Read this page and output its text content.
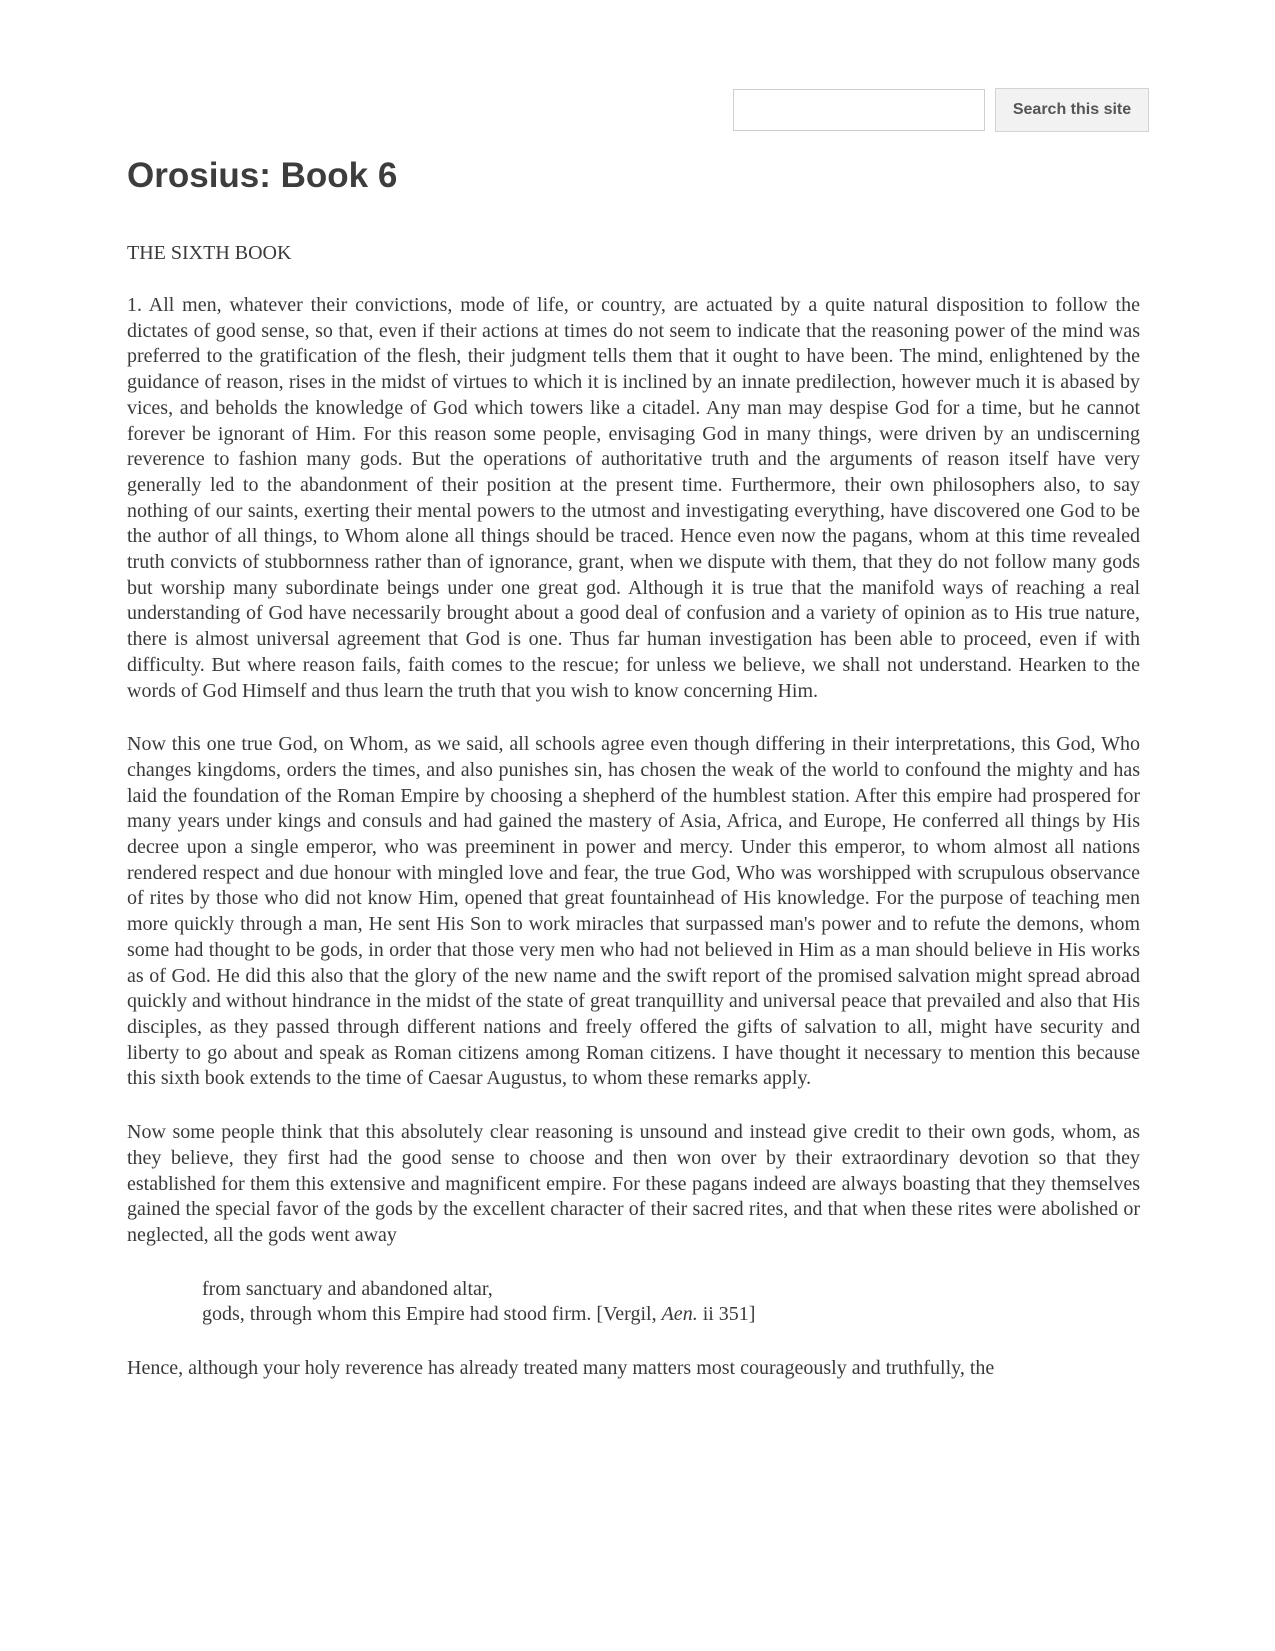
Search this site
Orosius: Book 6
THE SIXTH BOOK

1. All men, whatever their convictions, mode of life, or country, are actuated by a quite natural disposition to follow the dictates of good sense, so that, even if their actions at times do not seem to indicate that the reasoning power of the mind was preferred to the gratification of the flesh, their judgment tells them that it ought to have been. The mind, enlightened by the guidance of reason, rises in the midst of virtues to which it is inclined by an innate predilection, however much it is abased by vices, and beholds the knowledge of God which towers like a citadel. Any man may despise God for a time, but he cannot forever be ignorant of Him. For this reason some people, envisaging God in many things, were driven by an undiscerning reverence to fashion many gods. But the operations of authoritative truth and the arguments of reason itself have very generally led to the abandonment of their position at the present time. Furthermore, their own philosophers also, to say nothing of our saints, exerting their mental powers to the utmost and investigating everything, have discovered one God to be the author of all things, to Whom alone all things should be traced. Hence even now the pagans, whom at this time revealed truth convicts of stubbornness rather than of ignorance, grant, when we dispute with them, that they do not follow many gods but worship many subordinate beings under one great god. Although it is true that the manifold ways of reaching a real understanding of God have necessarily brought about a good deal of confusion and a variety of opinion as to His true nature, there is almost universal agreement that God is one. Thus far human investigation has been able to proceed, even if with difficulty. But where reason fails, faith comes to the rescue; for unless we believe, we shall not understand. Hearken to the words of God Himself and thus learn the truth that you wish to know concerning Him.

Now this one true God, on Whom, as we said, all schools agree even though differing in their interpretations, this God, Who changes kingdoms, orders the times, and also punishes sin, has chosen the weak of the world to confound the mighty and has laid the foundation of the Roman Empire by choosing a shepherd of the humblest station. After this empire had prospered for many years under kings and consuls and had gained the mastery of Asia, Africa, and Europe, He conferred all things by His decree upon a single emperor, who was preeminent in power and mercy. Under this emperor, to whom almost all nations rendered respect and due honour with mingled love and fear, the true God, Who was worshipped with scrupulous observance of rites by those who did not know Him, opened that great fountainhead of His knowledge. For the purpose of teaching men more quickly through a man, He sent His Son to work miracles that surpassed man's power and to refute the demons, whom some had thought to be gods, in order that those very men who had not believed in Him as a man should believe in His works as of God. He did this also that the glory of the new name and the swift report of the promised salvation might spread abroad quickly and without hindrance in the midst of the state of great tranquillity and universal peace that prevailed and also that His disciples, as they passed through different nations and freely offered the gifts of salvation to all, might have security and liberty to go about and speak as Roman citizens among Roman citizens. I have thought it necessary to mention this because this sixth book extends to the time of Caesar Augustus, to whom these remarks apply.

Now some people think that this absolutely clear reasoning is unsound and instead give credit to their own gods, whom, as they believe, they first had the good sense to choose and then won over by their extraordinary devotion so that they established for them this extensive and magnificent empire. For these pagans indeed are always boasting that they themselves gained the special favor of the gods by the excellent character of their sacred rites, and that when these rites were abolished or neglected, all the gods went away

from sanctuary and abandoned altar,
gods, through whom this Empire had stood firm. [Vergil, Aen. ii 351]

Hence, although your holy reverence has already treated many matters most courageously and truthfully, the
